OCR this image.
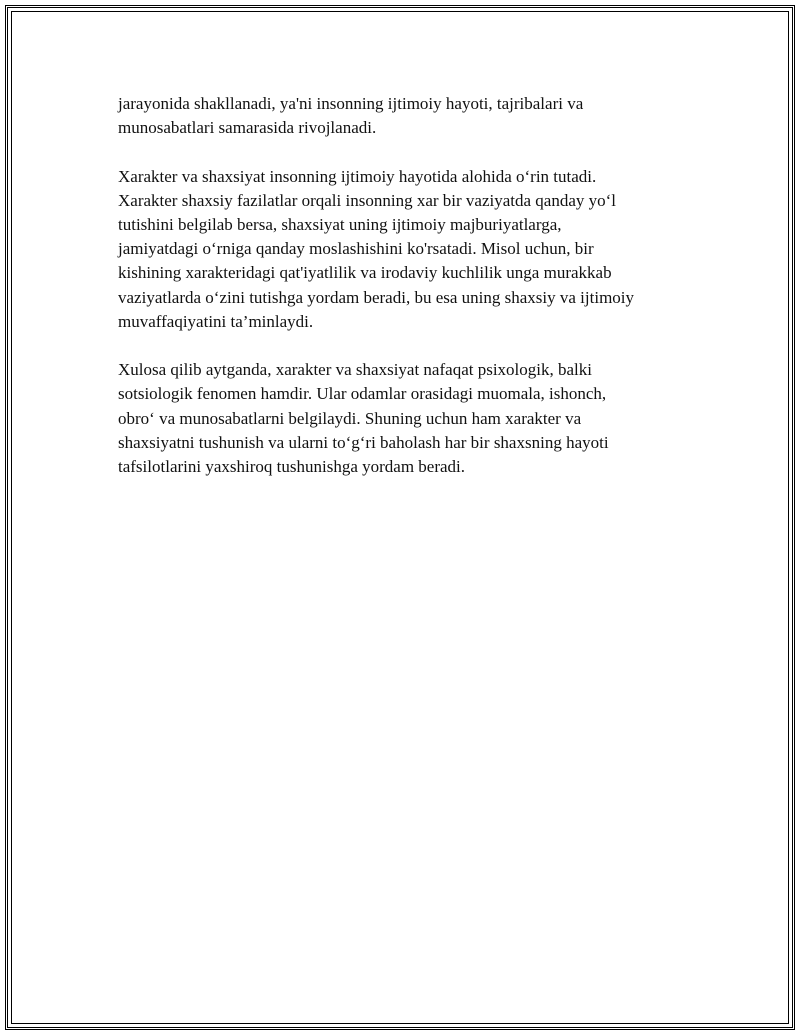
jarayonida shakllanadi, ya'ni insonning ijtimoiy hayoti, tajribalari va
munosabatlari samarasida rivojlanadi.

Xarakter va shaxsiyat insonning ijtimoiy hayotida alohida o‘rin tutadi.
Xarakter shaxsiy fazilatlar orqali insonning xar bir vaziyatda qanday yo‘l
tutishini belgilab bersa, shaxsiyat uning ijtimoiy majburiyatlarga,
jamiyatdagi o‘rniga qanday moslashishini ko'rsatadi. Misol uchun, bir
kishining xarakteridagi qat'iyatlilik va irodaviy kuchlilik unga murakkab
vaziyatlarda o‘zini tutishga yordam beradi, bu esa uning shaxsiy va ijtimoiy
muvaffaqiyatini ta’minlaydi.

Xulosa qilib aytganda, xarakter va shaxsiyat nafaqat psixologik, balki
sotsiologik fenomen hamdir. Ular odamlar orasidagi muomala, ishonch,
obro‘ va munosabatlarni belgilaydi. Shuning uchun ham xarakter va
shaxsiyatni tushunish va ularni to‘g‘ri baholash har bir shaxsning hayoti
tafsilotlarini yaxshiroq tushunishga yordam beradi.
